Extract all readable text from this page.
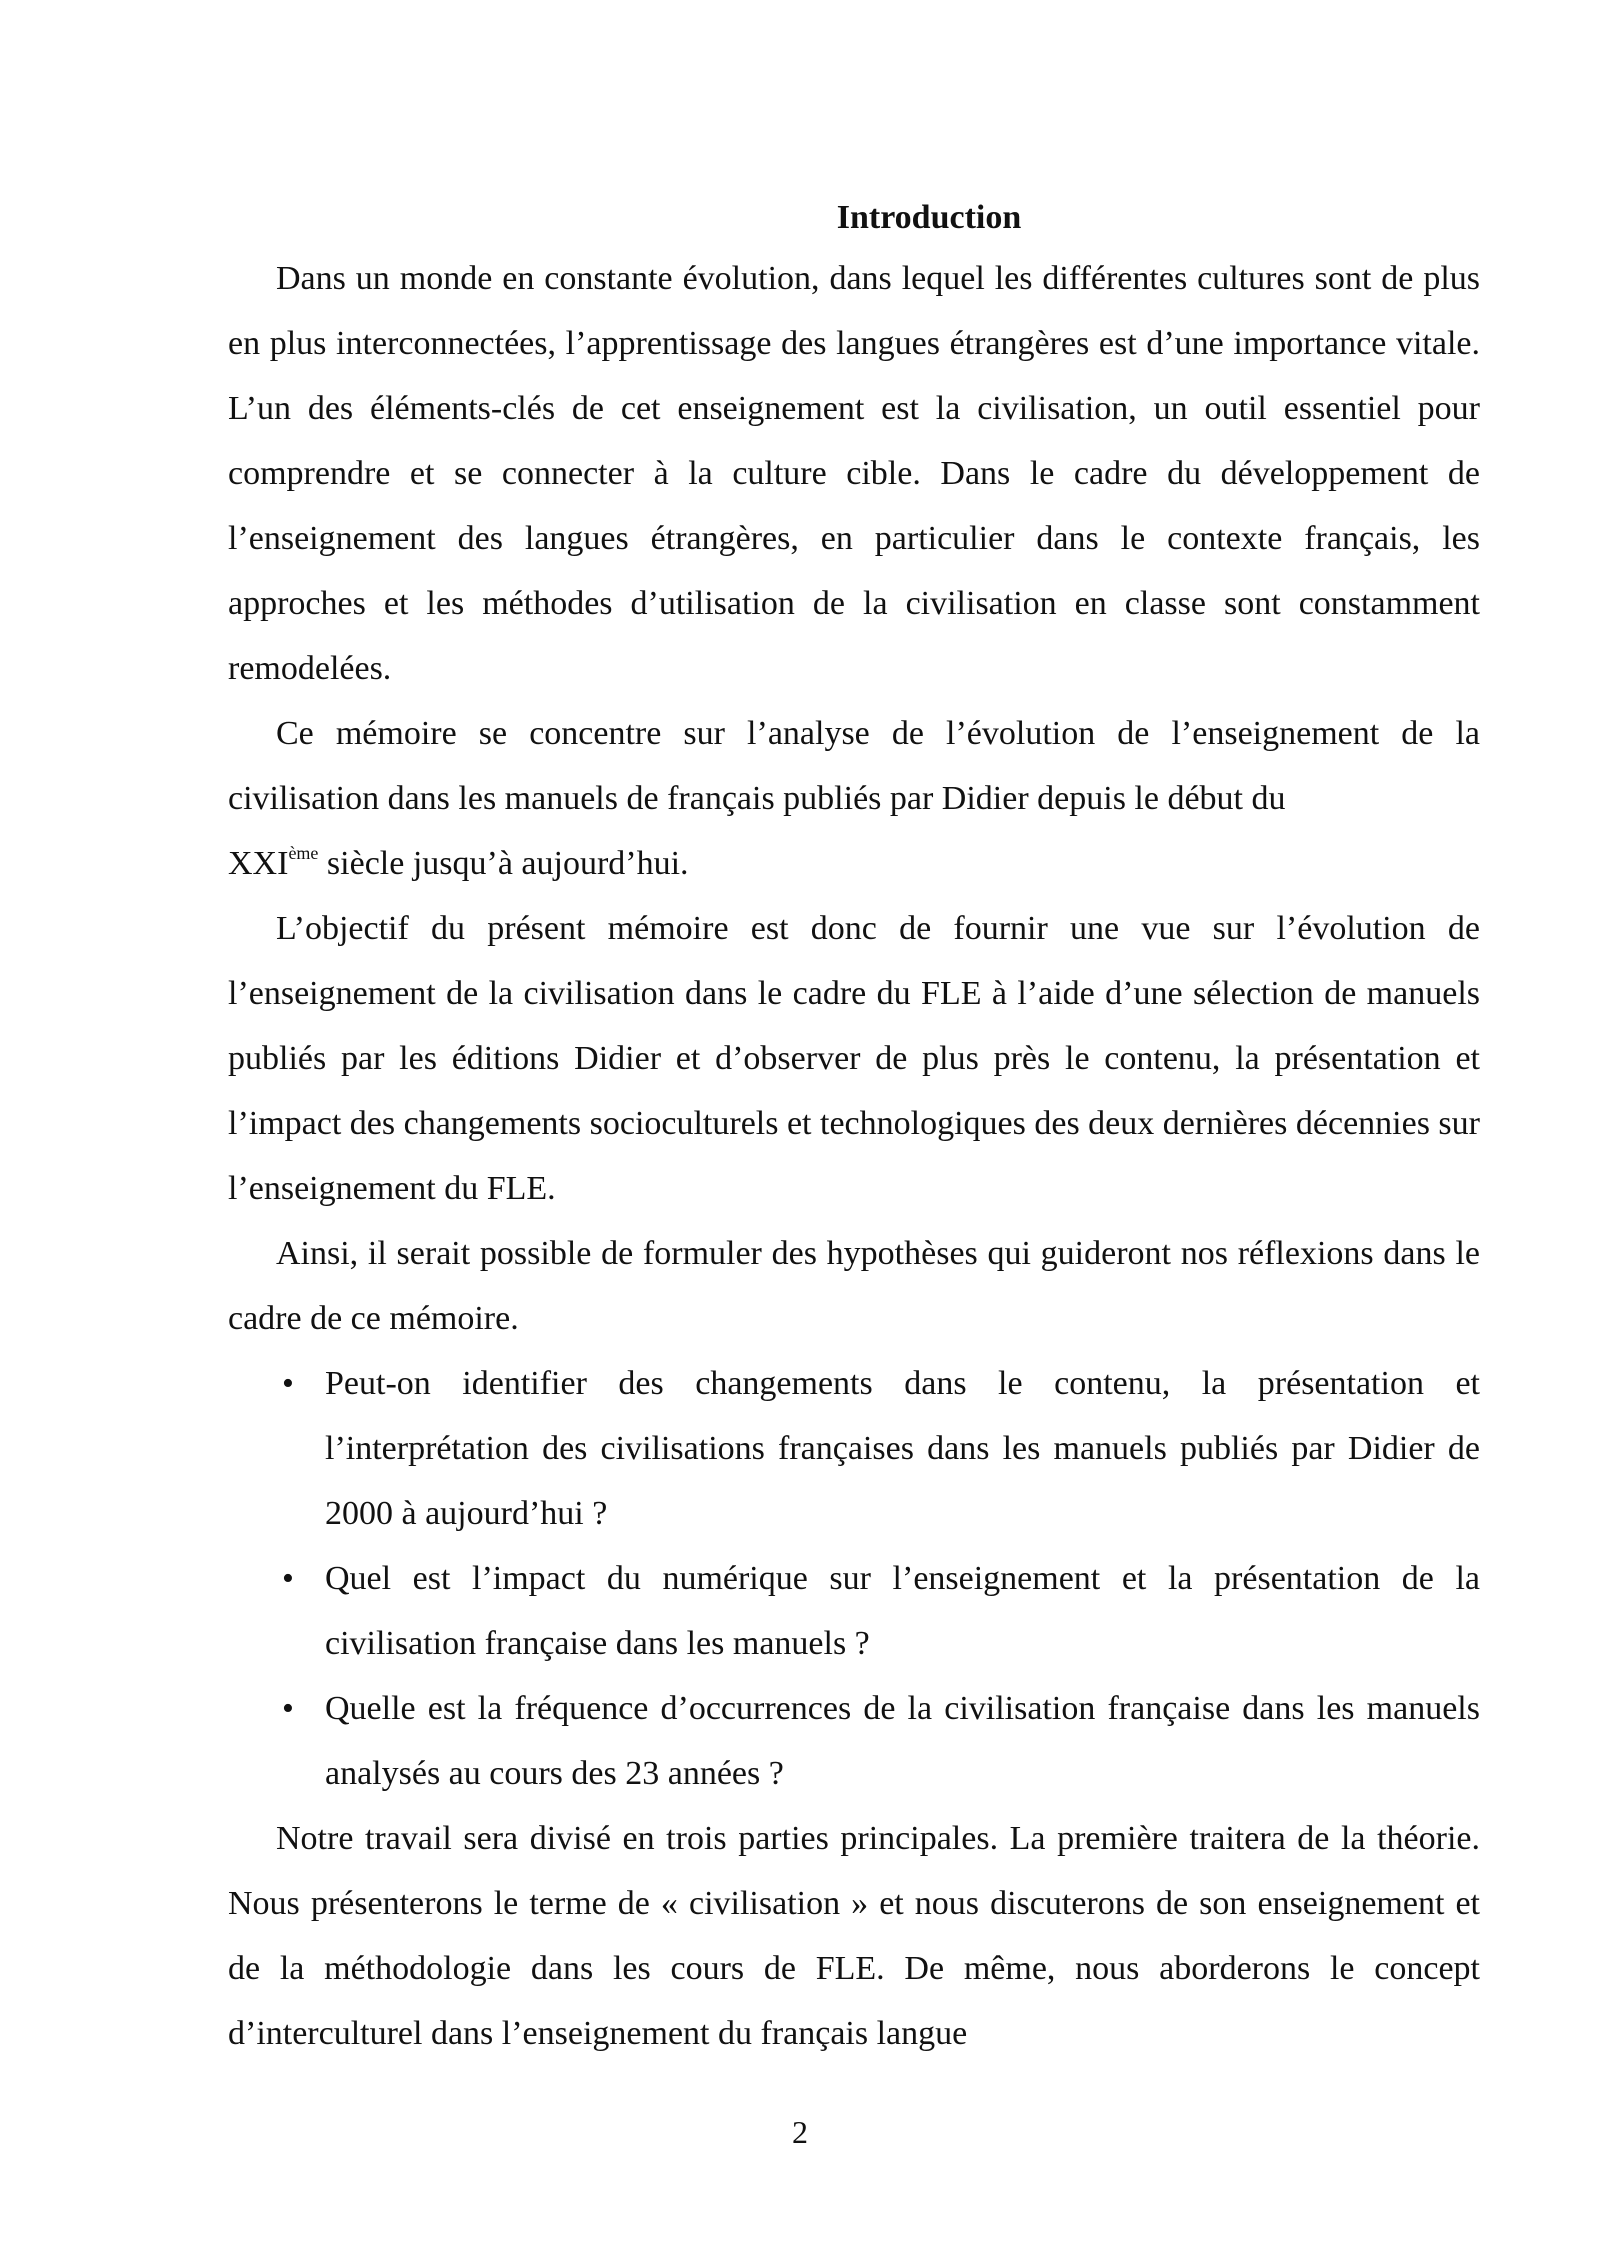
Introduction

Dans un monde en constante évolution, dans lequel les différentes cultures sont de plus en plus interconnectées, l’apprentissage des langues étrangères est d’une importance vitale. L’un des éléments-clés de cet enseignement est la civilisation, un outil essentiel pour comprendre et se connecter à la culture cible. Dans le cadre du développement de l’enseignement des langues étrangères, en particulier dans le contexte français, les approches et les méthodes d’utilisation de la civilisation en classe sont constamment remodelées.

Ce mémoire se concentre sur l’analyse de l’évolution de l’enseignement de la civilisation dans les manuels de français publiés par Didier depuis le début du
XXIème siècle jusqu’à aujourd’hui.

L’objectif du présent mémoire est donc de fournir une vue sur l’évolution de l’enseignement de la civilisation dans le cadre du FLE à l’aide d’une sélection de manuels publiés par les éditions Didier et d’observer de plus près le contenu, la présentation et l’impact des changements socioculturels et technologiques des deux dernières décennies sur l’enseignement du FLE.

Ainsi, il serait possible de formuler des hypothèses qui guideront nos réflexions dans le cadre de ce mémoire.

• Peut-on identifier des changements dans le contenu, la présentation et l’interprétation des civilisations françaises dans les manuels publiés par Didier de 2000 à aujourd’hui ?
• Quel est l’impact du numérique sur l’enseignement et la présentation de la civilisation française dans les manuels ?
• Quelle est la fréquence d’occurrences de la civilisation française dans les manuels analysés au cours des 23 années ?

Notre travail sera divisé en trois parties principales. La première traitera de la théorie. Nous présenterons le terme de « civilisation » et nous discuterons de son enseignement et de la méthodologie dans les cours de FLE. De même, nous aborderons le concept d’interculturel dans l’enseignement du français langue

2
